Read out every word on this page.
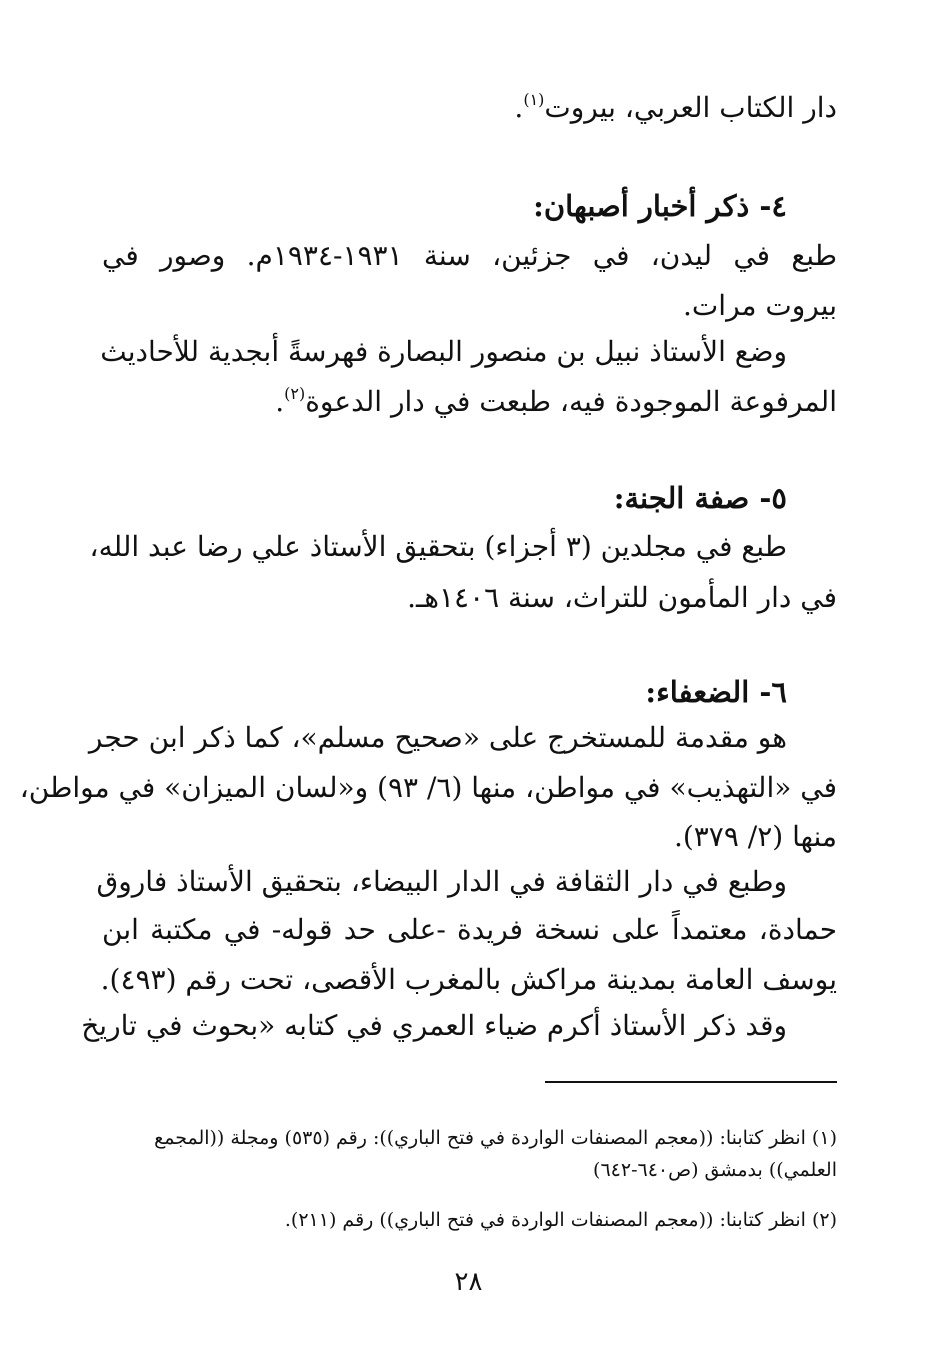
دار الكتاب العربي، بيروت$^{(١)}$.
٤- ذكر أخبار أصبهان:
طبع في ليدن، في جزئين، سنة ١٩٣١-١٩٣٤م. وصور في
بيروت مرات.
وضع الأستاذ نبيل بن منصور البصارة فهرسةً أبجدية للأحاديث
المرفوعة الموجودة فيه، طبعت في دار الدعوة$^{(٢)}$.
٥- صفة الجنة:
طبع في مجلدين (٣ أجزاء) بتحقيق الأستاذ علي رضا عبد الله،
في دار المأمون للتراث، سنة ١٤٠٦هـ.
٦- الضعفاء:
هو مقدمة للمستخرج على «صحيح مسلم»، كما ذكر ابن حجر
في «التهذيب» في مواطن، منها (٦/ ٩٣) و«لسان الميزان» في مواطن،
منها (٢/ ٣٧٩).
وطبع في دار الثقافة في الدار البيضاء، بتحقيق الأستاذ فاروق
حمادة، معتمداً على نسخة فريدة -على حد قوله- في مكتبة ابن
يوسف العامة بمدينة مراكش بالمغرب الأقصى، تحت رقم (٤٩٣).
وقد ذكر الأستاذ أكرم ضياء العمري في كتابه «بحوث في تاريخ
(١) انظر كتابنا: ((معجم المصنفات الواردة في فتح الباري)): رقم (٥٣٥) ومجلة ((المجمع
العلمي)) بدمشق (ص٦٤٠-٦٤٢)
(٢) انظر كتابنا: ((معجم المصنفات الواردة في فتح الباري)) رقم (٢١١).
٢٨
